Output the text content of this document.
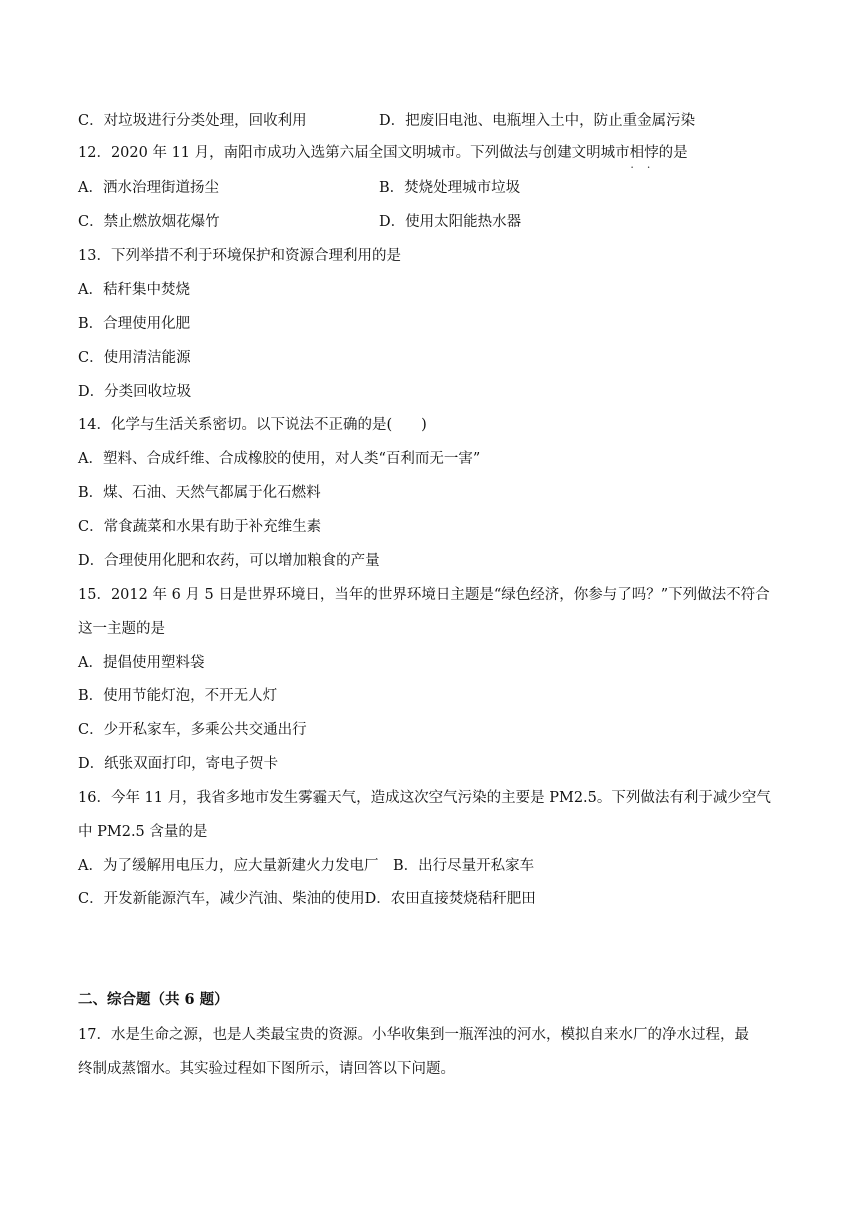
C．对垃圾进行分类处理，回收利用	D．把废旧电池、电瓶埋入土中，防止重金属污染
12．2020 年 11 月，南阳市成功入选第六届全国文明城市。下列做法与创建文明城市相悖 • •的是
A．洒水治理街道扬尘	B．焚烧处理城市垃圾
C．禁止燃放烟花爆竹	D．使用太阳能热水器
13．下列举措不利于环境保护和资源合理利用的是
A．秸秆集中焚烧
B．合理使用化肥
C．使用清洁能源
D．分类回收垃圾
14．化学与生活关系密切。以下说法不正确的是(　　)
A．塑料、合成纤维、合成橡胶的使用，对人类“百利而无一害”
B．煤、石油、天然气都属于化石燃料
C．常食蔬菜和水果有助于补充维生素
D．合理使用化肥和农药，可以增加粮食的产量
15．2012 年 6 月 5 日是世界环境日，当年的世界环境日主题是“绿色经济，你参与了吗？”下列做法不符合
这一主题的是
A．提倡使用塑料袋
B．使用节能灯泡，不开无人灯
C．少开私家车，多乘公共交通出行
D．纸张双面打印，寄电子贺卡
16．今年 11 月，我省多地市发生雾霾天气，造成这次空气污染的主要是 PM2.5。下列做法有利于减少空气
中 PM2.5 含量的是
A．为了缓解用电压力，应大量新建火力发电厂　B．出行尽量开私家车
C．开发新能源汽车，减少汽油、柴油的使用D．农田直接焚烧秸秆肥田
二、综合题（共 6 题）
17．水是生命之源，也是人类最宝贵的资源。小华收集到一瓶浑浊的河水，模拟自来水厂的净水过程，最
终制成蒸馏水。其实验过程如下图所示，请回答以下问题。
